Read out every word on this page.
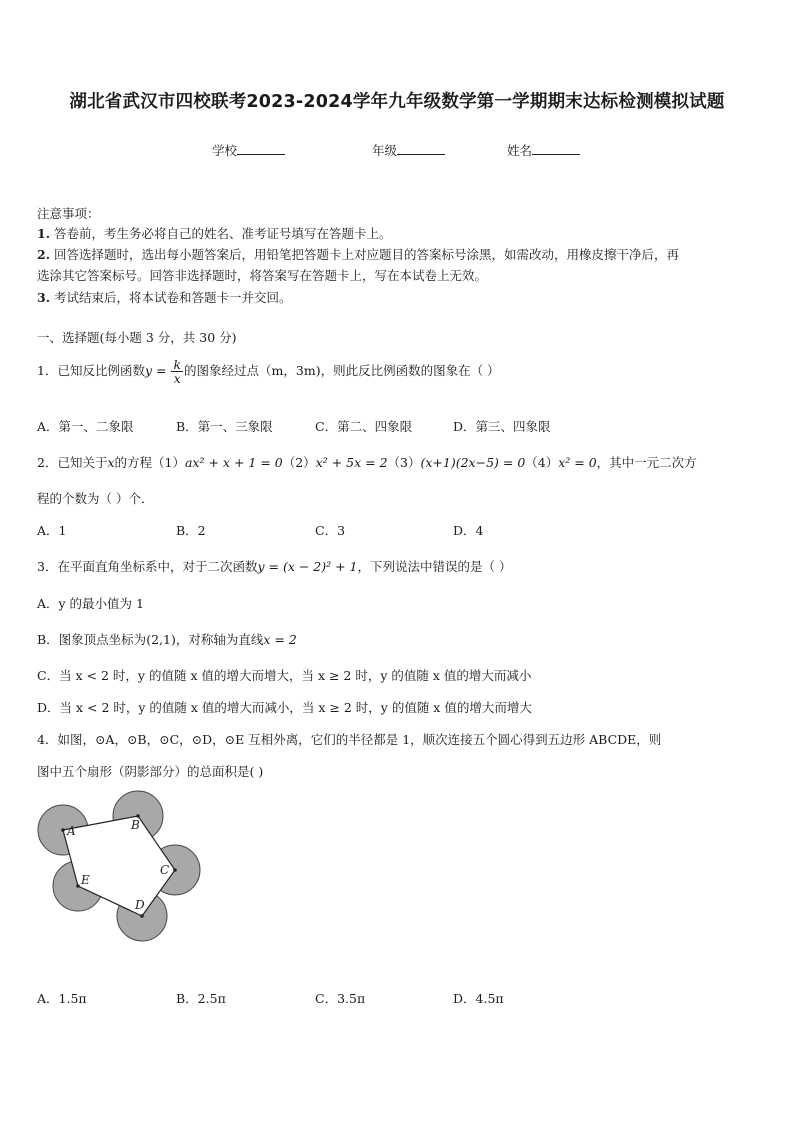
湖北省武汉市四校联考2023-2024学年九年级数学第一学期期末达标检测模拟试题
学校	年级	姓名
注意事项：
1. 答卷前，考生务必将自己的姓名、准考证号填写在答题卡上。
2. 回答选择题时，选出每小题答案后，用铅笔把答题卡上对应题目的答案标号涂黑，如需改动，用橡皮擦干净后，再
选涂其它答案标号。回答非选择题时，将答案写在答题卡上，写在本试卷上无效。
3. 考试结束后，将本试卷和答题卡一并交回。
一、选择题(每小题 3 分，共 30 分)
1．已知反比例函数$y = \frac{k}{x}$ 的图象经过点（m，3m)，则此反比例函数的图象在（ ）
A．第一、二象限	B．第一、三象限	C．第二、四象限	D．第三、四象限
2．已知关于x的方程（1）ax² + x + 1 = 0（2）x² + 5x = 2（3）(x+1)(2x−5) = 0（4）x² = 0，其中一元二次方
程的个数为（ ）个．
A．1	B．2	C．3	D．4
3．在平面直角坐标系中，对于二次函数y = (x − 2)² + 1，下列说法中错误的是（ ）
A．y 的最小值为 1
B．图象顶点坐标为(2,1)，对称轴为直线x = 2
C．当 x < 2 时，y 的值随 x 值的增大而增大，当 x ≥ 2 时，y 的值随 x 值的增大而减小
D．当 x < 2 时，y 的值随 x 值的增大而减小，当 x ≥ 2 时，y 的值随 x 值的增大而增大
4．如图，⊙A，⊙B，⊙C，⊙D，⊙E 互相外离，它们的半径都是 1，顺次连接五个圆心得到五边形 ABCDE，则
图中五个扇形（阴影部分）的总面积是( )
A	B
C
D
E
A．1.5π	B．2.5π	C．3.5π	D．4.5π
